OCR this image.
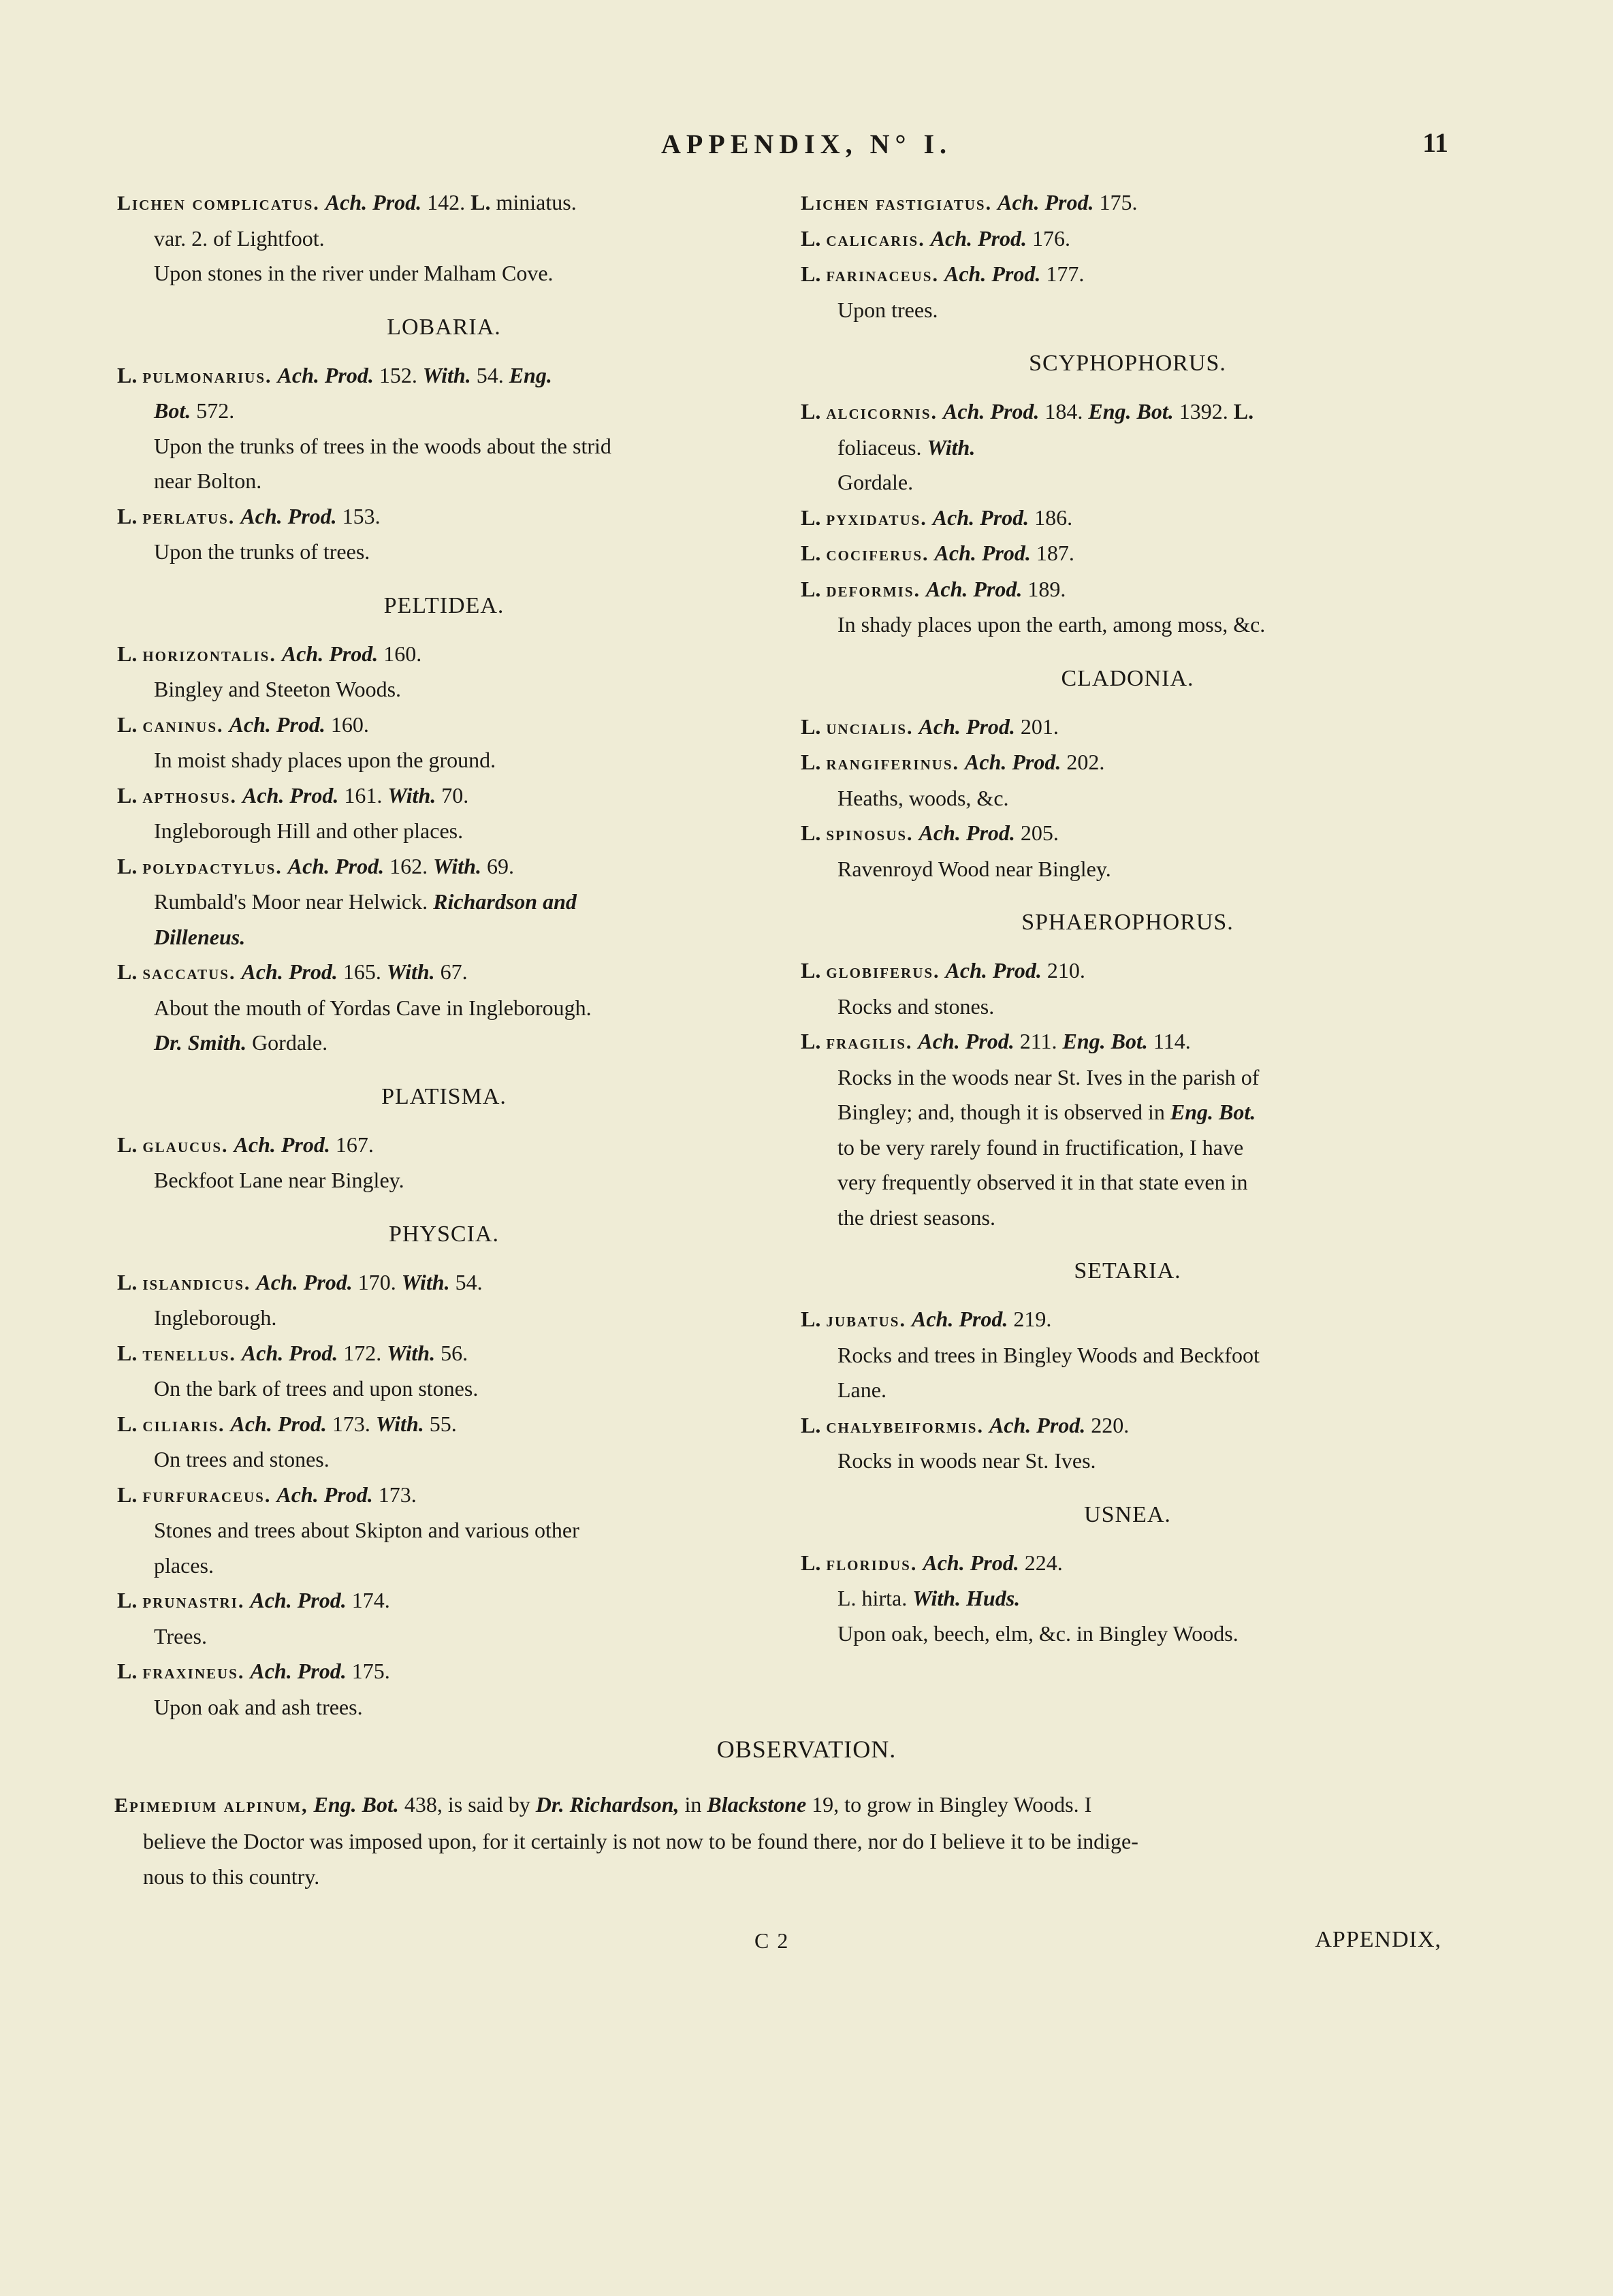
APPENDIX, N° I.	11
Lichen complicatus. Ach. Prod. 142. L. miniatus.
var. 2. of Lightfoot.
Upon stones in the river under Malham Cove.
LOBARIA.
L. pulmonarius. Ach. Prod. 152. With. 54. Eng.
Bot. 572.
Upon the trunks of trees in the woods about the strid
near Bolton.
L. perlatus. Ach. Prod. 153.
Upon the trunks of trees.
PELTIDEA.
L. horizontalis. Ach. Prod. 160.
Bingley and Steeton Woods.
L. caninus. Ach. Prod. 160.
In moist shady places upon the ground.
L. apthosus. Ach. Prod. 161. With. 70.
Ingleborough Hill and other places.
L. polydactylus. Ach. Prod. 162. With. 69.
Rumbald's Moor near Helwick. Richardson and
Dilleneus.
L. saccatus. Ach. Prod. 165. With. 67.
About the mouth of Yordas Cave in Ingleborough.
Dr. Smith. Gordale.
PLATISMA.
L. glaucus. Ach. Prod. 167.
Beckfoot Lane near Bingley.
PHYSCIA.
L. islandicus. Ach. Prod. 170. With. 54.
Ingleborough.
L. tenellus. Ach. Prod. 172. With. 56.
On the bark of trees and upon stones.
L. ciliaris. Ach. Prod. 173. With. 55.
On trees and stones.
L. furfuraceus. Ach. Prod. 173.
Stones and trees about Skipton and various other
places.
L. prunastri. Ach. Prod. 174.
Trees.
L. fraxineus. Ach. Prod. 175.
Upon oak and ash trees.
Lichen fastigiatus. Ach. Prod. 175.
L. calicaris. Ach. Prod. 176.
L. farinaceus. Ach. Prod. 177.
Upon trees.
SCYPHOPHORUS.
L. alcicornis. Ach. Prod. 184. Eng. Bot. 1392. L.
foliaceus. With.
Gordale.
L. pyxidatus. Ach. Prod. 186.
L. cociferus. Ach. Prod. 187.
L. deformis. Ach. Prod. 189.
In shady places upon the earth, among moss, &c.
CLADONIA.
L. uncialis. Ach. Prod. 201.
L. rangiferinus. Ach. Prod. 202.
Heaths, woods, &c.
L. spinosus. Ach. Prod. 205.
Ravenroyd Wood near Bingley.
SPHAEROPHORUS.
L. globiferus. Ach. Prod. 210.
Rocks and stones.
L. fragilis. Ach. Prod. 211. Eng. Bot. 114.
Rocks in the woods near St. Ives in the parish of
Bingley; and, though it is observed in Eng. Bot.
to be very rarely found in fructification, I have
very frequently observed it in that state even in
the driest seasons.
SETARIA.
L. jubatus. Ach. Prod. 219.
Rocks and trees in Bingley Woods and Beckfoot
Lane.
L. chalybeiformis. Ach. Prod. 220.
Rocks in woods near St. Ives.
USNEA.
L. floridus. Ach. Prod. 224.
L. hirta. With. Huds.
Upon oak, beech, elm, &c. in Bingley Woods.
OBSERVATION.
Epimedium alpinum, Eng. Bot. 438, is said by Dr. Richardson, in Blackstone 19, to grow in Bingley Woods. I
believe the Doctor was imposed upon, for it certainly is not now to be found there, nor do I believe it to be indige-
nous to this country.
C 2	APPENDIX,
